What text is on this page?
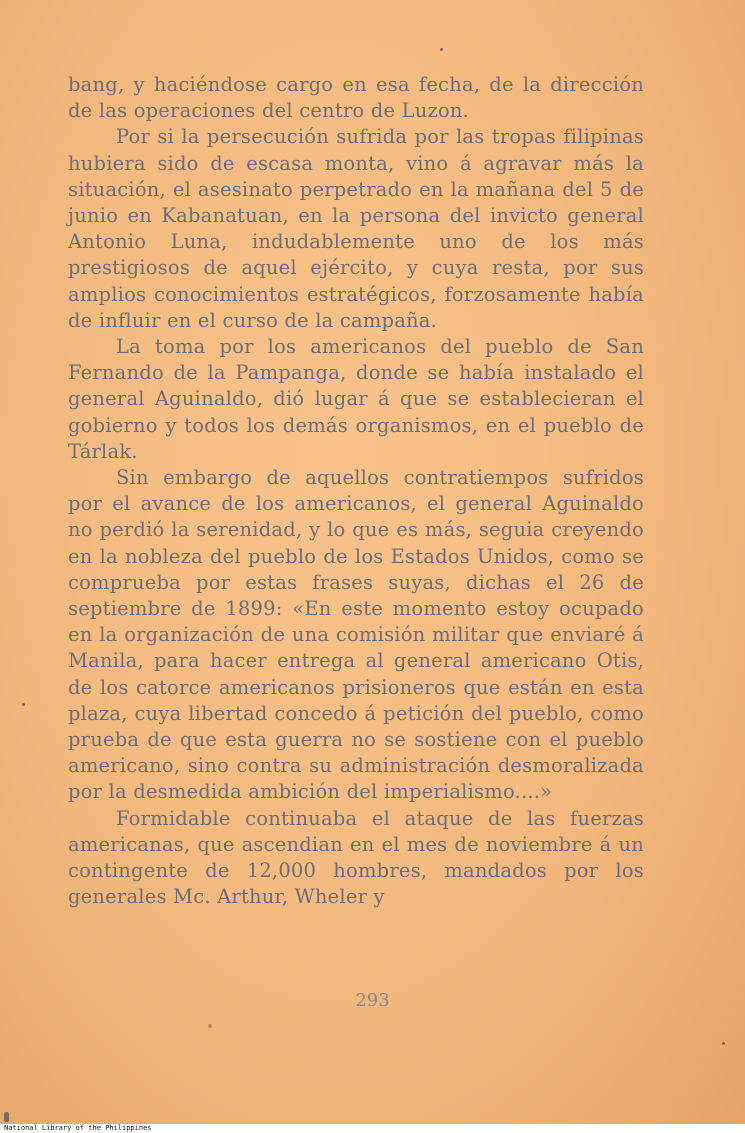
bang, y haciéndose cargo en esa fecha, de la dirección de las operaciones del centro de Luzon.

Por si la persecución sufrida por las tropas filipinas hubiera sido de escasa monta, vino á agravar más la situación, el asesinato perpetrado en la mañana del 5 de junio en Kabanatuan, en la persona del invicto general Antonio Luna, indudablemente uno de los más prestigiosos de aquel ejército, y cuya resta, por sus amplios conocimientos estratégicos, forzosamente había de influir en el curso de la campaña.

La toma por los americanos del pueblo de San Fernando de la Pampanga, donde se había instalado el general Aguinaldo, dió lugar á que se establecieran el gobierno y todos los demás organismos, en el pueblo de Tárlak.

Sin embargo de aquellos contratiempos sufridos por el avance de los americanos, el general Aguinaldo no perdió la serenidad, y lo que es más, seguia creyendo en la nobleza del pueblo de los Estados Unidos, como se comprueba por estas frases suyas, dichas el 26 de septiembre de 1899: «En este momento estoy ocupado en la organización de una comisión militar que enviaré á Manila, para hacer entrega al general americano Otis, de los catorce americanos prisioneros que están en esta plaza, cuya libertad concedo á petición del pueblo, como prueba de que esta guerra no se sostiene con el pueblo americano, sino contra su administración desmoralizada por la desmedida ambición del imperialismo....»

Formidable continuaba el ataque de las fuerzas americanas, que ascendian en el mes de noviembre á un contingente de 12,000 hombres, mandados por los generales Mc. Arthur, Wheler y

293
National Library of the Philippines
